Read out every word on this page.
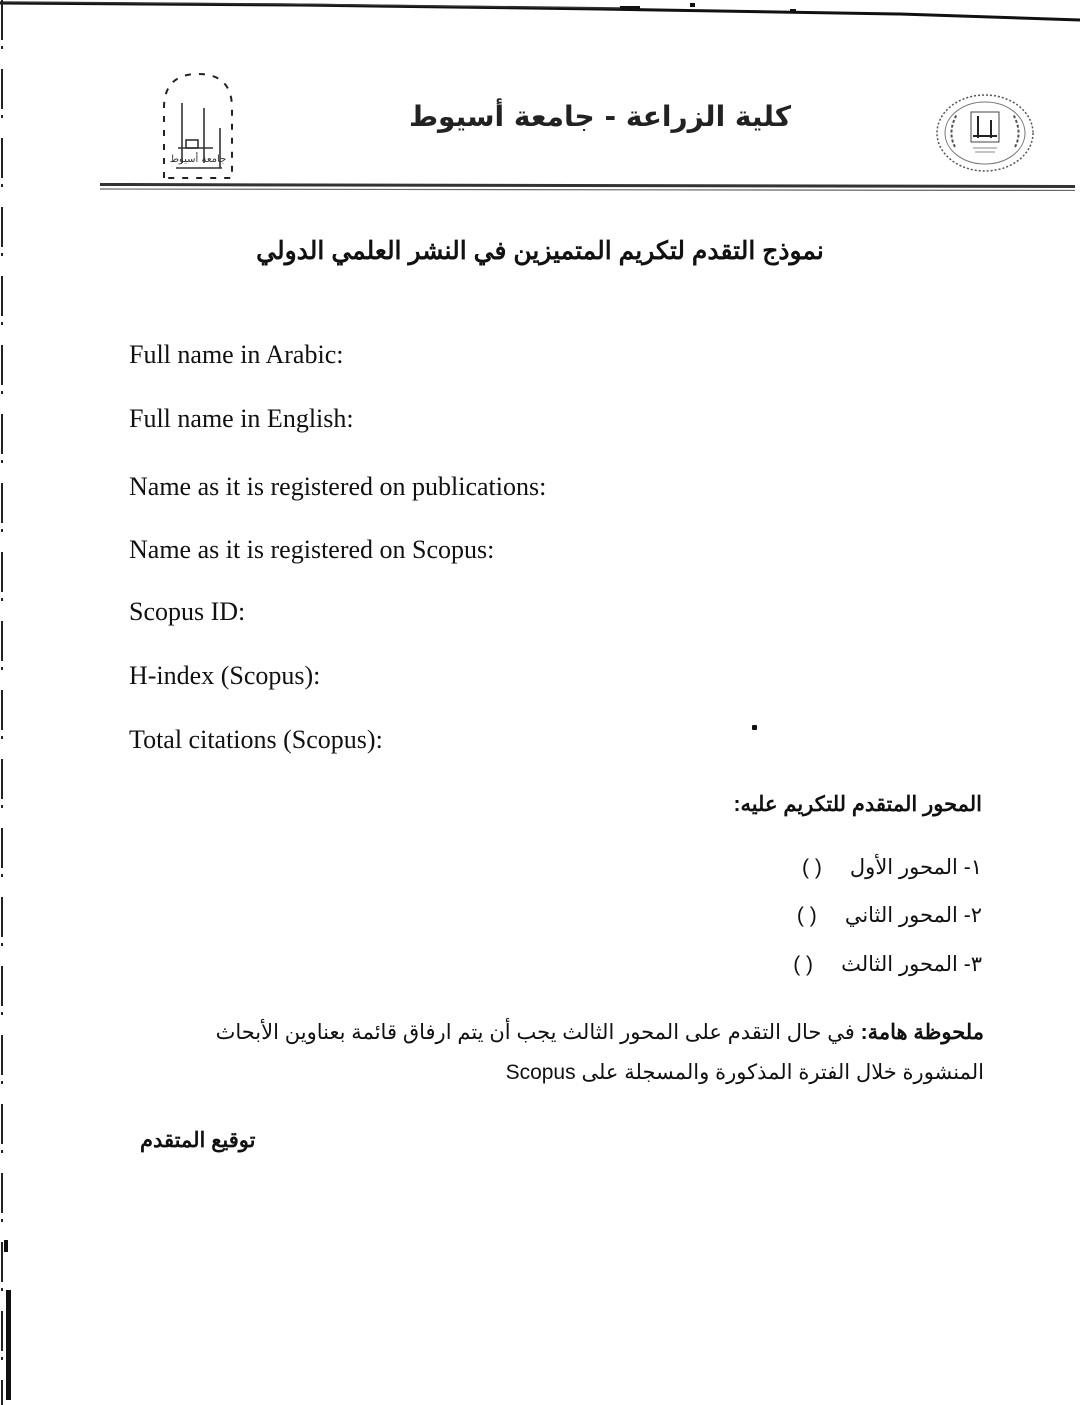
جامعة أسيوط
كلية الزراعة - جامعة أسيوط
نموذج التقدم لتكريم المتميزين في النشر العلمي الدولي
Full name in Arabic:
Full name in English:
Name as it is registered on publications:
Name as it is registered on Scopus:
Scopus ID:
H-index (Scopus):
Total citations (Scopus):
المحور المتقدم للتكريم عليه:
١- المحور الأول
( )
٢- المحور الثاني
( )
٣- المحور الثالث
( )
ملحوظة هامة: في حال التقدم على المحور الثالث يجب أن يتم ارفاق قائمة بعناوين الأبحاث
المنشورة خلال الفترة المذكورة والمسجلة على Scopus
توقيع المتقدم
